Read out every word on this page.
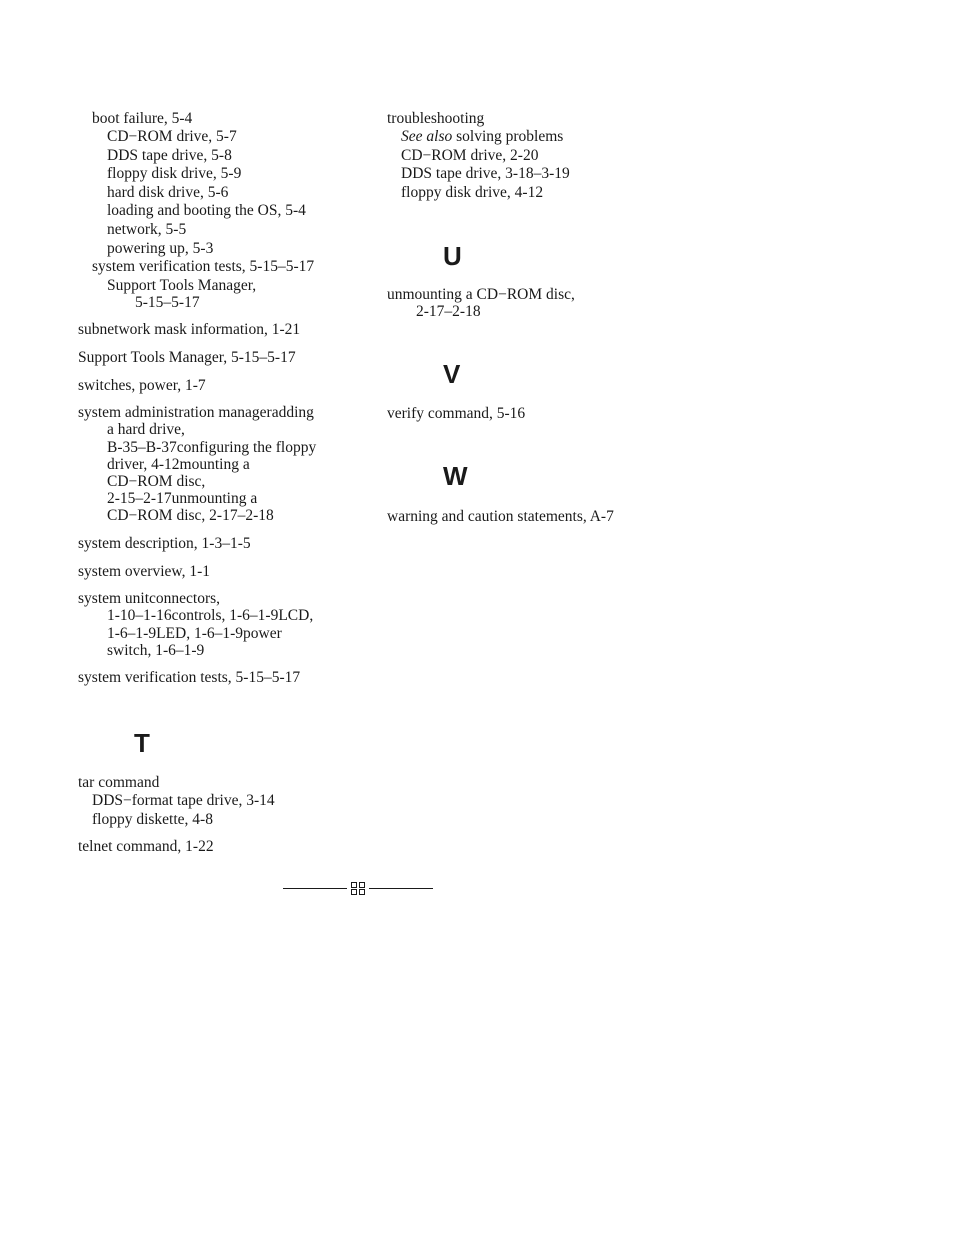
boot failure, 5-4
CD−ROM drive, 5-7
DDS tape drive, 5-8
floppy disk drive, 5-9
hard disk drive, 5-6
loading and booting the OS, 5-4
network, 5-5
powering up, 5-3
system verification tests, 5-15–5-17
Support Tools Manager,
5-15–5-17
subnetwork mask information, 1-21
Support Tools Manager, 5-15–5-17
switches, power, 1-7
system administration manageradding
a hard drive,
B-35–B-37configuring the floppy
driver, 4-12mounting a
CD−ROM disc,
2-15–2-17unmounting a
CD−ROM disc, 2-17–2-18
system description, 1-3–1-5
system overview, 1-1
system unitconnectors,
1-10–1-16controls, 1-6–1-9LCD,
1-6–1-9LED, 1-6–1-9power
switch, 1-6–1-9
system verification tests, 5-15–5-17
T
tar command
DDS−format tape drive, 3-14
floppy diskette, 4-8
telnet command, 1-22
troubleshooting
See also solving problems
CD−ROM drive, 2-20
DDS tape drive, 3-18–3-19
floppy disk drive, 4-12
U
unmounting a CD−ROM disc,
2-17–2-18
V
verify command, 5-16
W
warning and caution statements, A-7
